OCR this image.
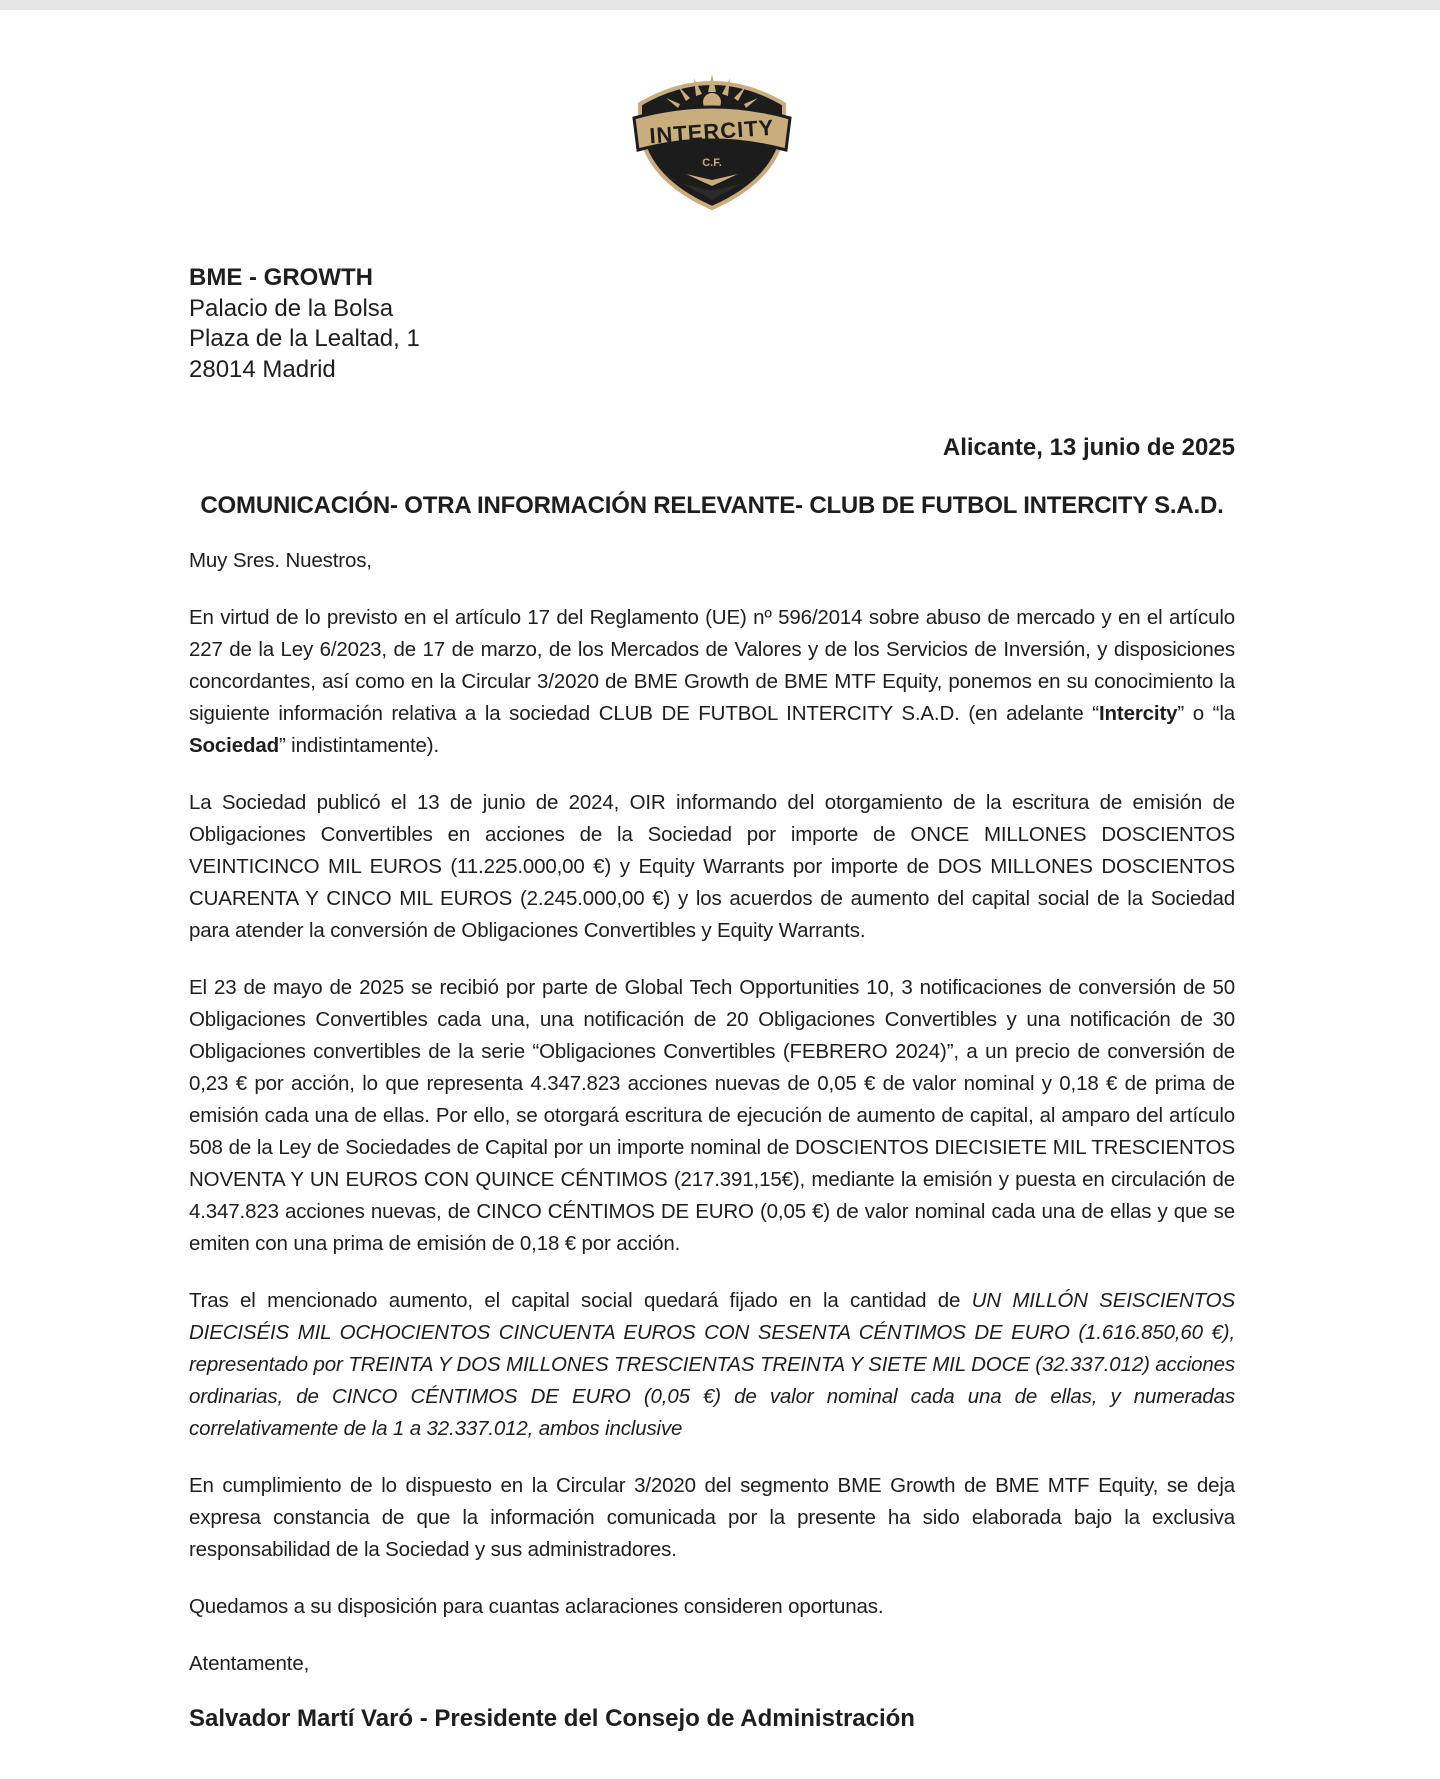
INTERCITY
C.F.
BME - GROWTH
Palacio de la Bolsa
Plaza de la Lealtad, 1
28014 Madrid
Alicante, 13 junio de 2025
COMUNICACIÓN- OTRA INFORMACIÓN RELEVANTE- CLUB DE FUTBOL INTERCITY S.A.D.
Muy Sres. Nuestros,
En virtud de lo previsto en el artículo 17 del Reglamento (UE) nº 596/2014 sobre abuso de mercado y en el artículo 227 de la Ley 6/2023, de 17 de marzo, de los Mercados de Valores y de los Servicios de Inversión, y disposiciones concordantes, así como en la Circular 3/2020 de BME Growth de BME MTF Equity, ponemos en su conocimiento la siguiente información relativa a la sociedad CLUB DE FUTBOL INTERCITY S.A.D. (en adelante “Intercity” o “la Sociedad” indistintamente).
La Sociedad publicó el 13 de junio de 2024, OIR informando del otorgamiento de la escritura de emisión de Obligaciones Convertibles en acciones de la Sociedad por importe de ONCE MILLONES DOSCIENTOS VEINTICINCO MIL EUROS (11.225.000,00 €) y Equity Warrants por importe de DOS MILLONES DOSCIENTOS CUARENTA Y CINCO MIL EUROS (2.245.000,00 €) y los acuerdos de aumento del capital social de la Sociedad para atender la conversión de Obligaciones Convertibles y Equity Warrants.
El 23 de mayo de 2025 se recibió por parte de Global Tech Opportunities 10, 3 notificaciones de conversión de 50 Obligaciones Convertibles cada una, una notificación de 20 Obligaciones Convertibles y una notificación de 30 Obligaciones convertibles de la serie “Obligaciones Convertibles (FEBRERO 2024)”, a un precio de conversión de 0,23 € por acción, lo que representa 4.347.823 acciones nuevas de 0,05 € de valor nominal y 0,18 € de prima de emisión cada una de ellas. Por ello, se otorgará escritura de ejecución de aumento de capital, al amparo del artículo 508 de la Ley de Sociedades de Capital por un importe nominal de DOSCIENTOS DIECISIETE MIL TRESCIENTOS NOVENTA Y UN EUROS CON QUINCE CÉNTIMOS (217.391,15€), mediante la emisión y puesta en circulación de 4.347.823 acciones nuevas, de CINCO CÉNTIMOS DE EURO (0,05 €) de valor nominal cada una de ellas y que se emiten con una prima de emisión de 0,18 € por acción.
Tras el mencionado aumento, el capital social quedará fijado en la cantidad de UN MILLÓN SEISCIENTOS DIECISÉIS MIL OCHOCIENTOS CINCUENTA EUROS CON SESENTA CÉNTIMOS DE EURO (1.616.850,60 €), representado por TREINTA Y DOS MILLONES TRESCIENTAS TREINTA Y SIETE MIL DOCE (32.337.012) acciones ordinarias, de CINCO CÉNTIMOS DE EURO (0,05 €) de valor nominal cada una de ellas, y numeradas correlativamente de la 1 a 32.337.012, ambos inclusive
En cumplimiento de lo dispuesto en la Circular 3/2020 del segmento BME Growth de BME MTF Equity, se deja expresa constancia de que la información comunicada por la presente ha sido elaborada bajo la exclusiva responsabilidad de la Sociedad y sus administradores.
Quedamos a su disposición para cuantas aclaraciones consideren oportunas.
Atentamente,
Salvador Martí Varó - Presidente del Consejo de Administración
